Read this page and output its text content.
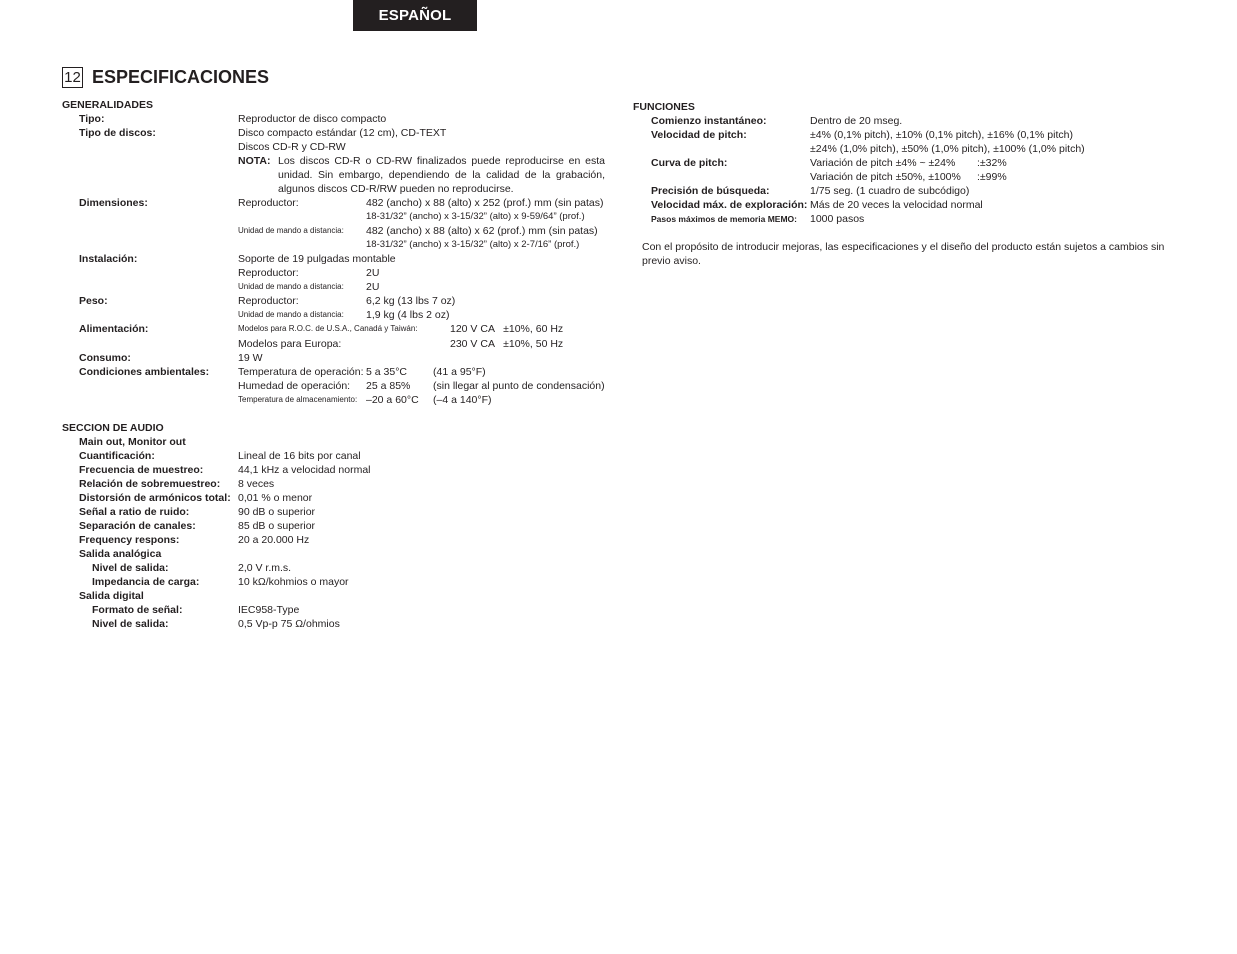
ESPAÑOL
12 ESPECIFICACIONES
GENERALIDADES
Tipo:	Reproductor de disco compacto
Tipo de discos:	Disco compacto estándar (12 cm), CD-TEXT
Discos CD-R y CD-RW
NOTA: Los discos CD-R o CD-RW finalizados puede reproducirse en esta unidad. Sin embargo, dependiendo de la calidad de la grabación, algunos discos CD-R/RW pueden no reproducirse.
Dimensiones:	Reproductor:	482 (ancho) x 88 (alto) x 252 (prof.) mm (sin patas)
18-31/32” (ancho) x 3-15/32” (alto) x 9-59/64” (prof.)
Unidad de mando a distancia: 482 (ancho) x 88 (alto) x 62 (prof.) mm (sin patas)
18-31/32” (ancho) x 3-15/32” (alto) x 2-7/16” (prof.)
Instalación:	Soporte de 19 pulgadas montable
Reproductor:	2U
Unidad de mando a distancia: 2U
Peso:	Reproductor:	6,2 kg (13 lbs 7 oz)
Unidad de mando a distancia: 1,9 kg (4 lbs 2 oz)
Alimentación:	Modelos para R.O.C. de U.S.A., Canadá y Taiwán:	120 V CA   ±10%, 60 Hz
Modelos para Europa:	230 V CA   ±10%, 50 Hz
Consumo:	19 W
Condiciones ambientales:	Temperatura de operación: 5 a 35°C (41 a 95°F)
Humedad de operación: 25 a 85% (sin llegar al punto de condensación)
Temperatura de almacenamiento: –20 a 60°C (–4 a 140°F)
SECCION DE AUDIO
Main out, Monitor out
Cuantificación:	Lineal de 16 bits por canal
Frecuencia de muestreo:	44,1 kHz a velocidad normal
Relación de sobremuestreo: 8 veces
Distorsión de armónicos total: 0,01 % o menor
Señal a ratio de ruido:	90 dB o superior
Separación de canales:	85 dB o superior
Frequency respons:	20 a 20.000 Hz
Salida analógica
Nivel de salida:	2,0 V r.m.s.
Impedancia de carga:	10 kΩ/kohmios o mayor
Salida digital
Formato de señal:	IEC958-Type
Nivel de salida:	0,5 Vp-p 75 Ω/ohmios
FUNCIONES
Comienzo instantáneo:	Dentro de 20 mseg.
Velocidad de pitch:	±4% (0,1% pitch), ±10% (0,1% pitch), ±16% (0,1% pitch)
±24% (1,0% pitch), ±50% (1,0% pitch), ±100% (1,0% pitch)
Curva de pitch:	Variación de pitch ±4% ~ ±24% :±32%
Variación de pitch ±50%, ±100% :±99%
Precisión de búsqueda:	1/75 seg. (1 cuadro de subcódigo)
Velocidad máx. de exploración: Más de 20 veces la velocidad normal
Pasos máximos de memoria MEMO: 1000 pasos
Con el propósito de introducir mejoras, las especificaciones y el diseño del producto están sujetos a cambios sin previo aviso.
